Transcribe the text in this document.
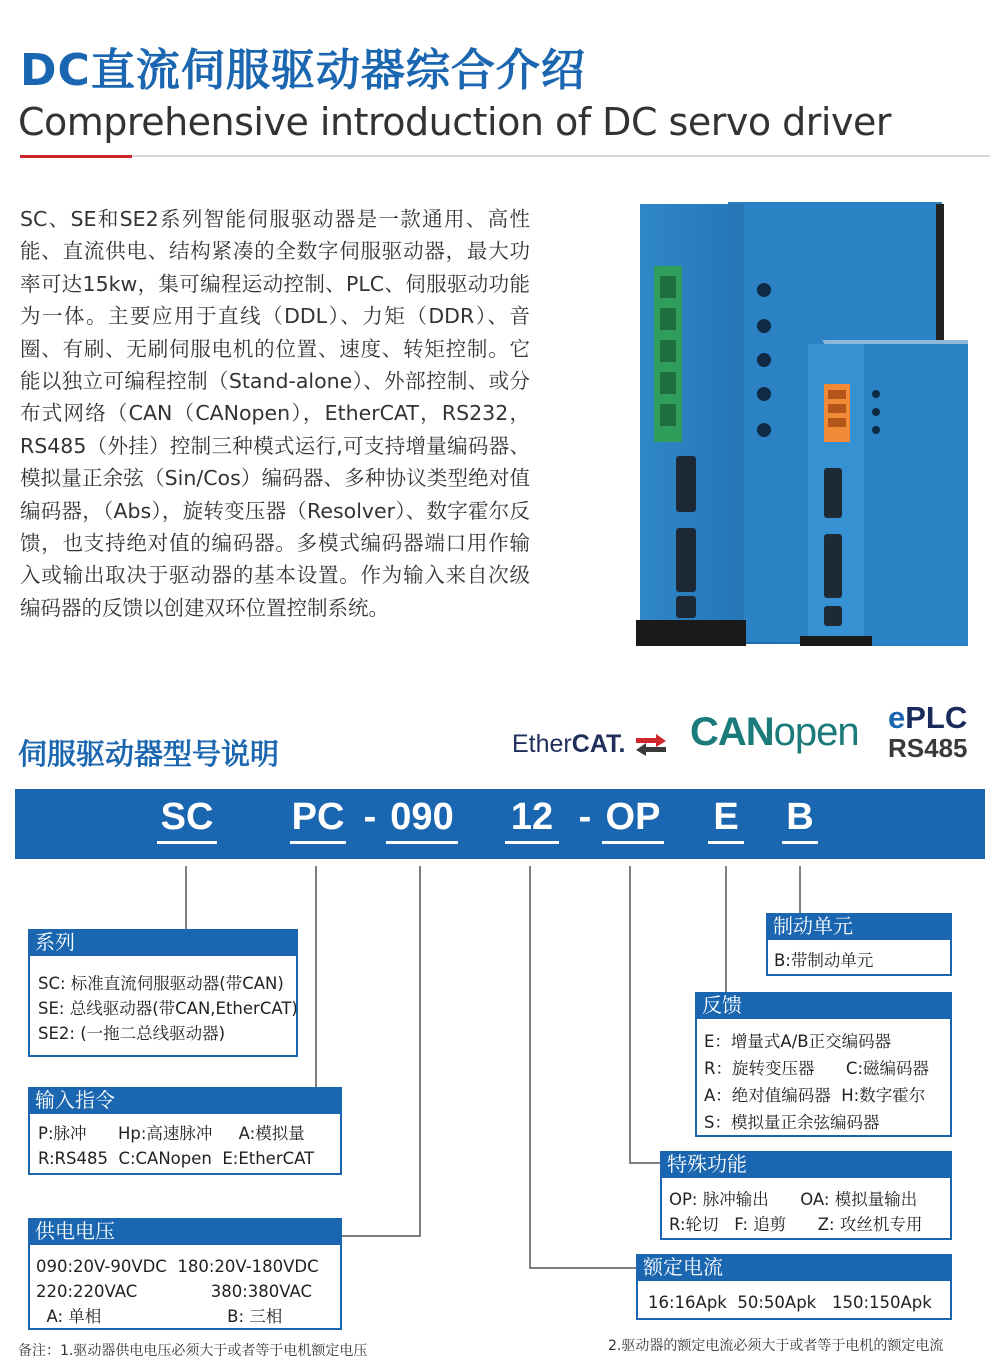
DC直流伺服驱动器综合介绍
Comprehensive introduction of DC servo driver
SC、SE和SE2系列智能伺服驱动器是一款通用、高性能、直流供电、结构紧凑的全数字伺服驱动器，最大功率可达15kw，集可编程运动控制、PLC、伺服驱动功能为一体。主要应用于直线（DDL）、力矩（DDR）、音圈、有刷、无刷伺服电机的位置、速度、转矩控制。它能以独立可编程控制（Stand-alone）、外部控制、或分布式网络（CAN（CANopen），EtherCAT，RS232，RS485（外挂）控制三种模式运行,可支持增量编码器、模拟量正余弦（Sin/Cos）编码器、多种协议类型绝对值编码器，（Abs），旋转变压器（Resolver）、数字霍尔反馈，也支持绝对值的编码器。多模式编码器端口用作输入或输出取决于驱动器的基本设置。作为输入来自次级编码器的反馈以创建双环位置控制系统。
伺服驱动器型号说明	EtherCAT. CANopen ePLC
RS485
SC PC - 090 12 - OP E B
系列
SC: 标准直流伺服驱动器(带CAN)
SE: 总线驱动器(带CAN,EtherCAT)
SE2: (一拖二总线驱动器)
输入指令
P:脉冲      Hp:高速脉冲     A:模拟量
R:RS485  C:CANopen  E:EtherCAT
供电电压
090:20V-90VDC  180:20V-180VDC
220:220VAC              380:380VAC
A: 单相                        B: 三相
制动单元
B:带制动单元
反馈
E：增量式A/B正交编码器
R：旋转变压器      C:磁编码器
A：绝对值编码器  H:数字霍尔
S：模拟量正余弦编码器
特殊功能
OP: 脉冲输出      OA: 模拟量输出
R:轮切   F: 追剪      Z: 攻丝机专用
额定电流
16:16Apk  50:50Apk   150:150Apk
备注：1.驱动器供电电压必须大于或者等于电机额定电压	2.驱动器的额定电流必须大于或者等于电机的额定电流
